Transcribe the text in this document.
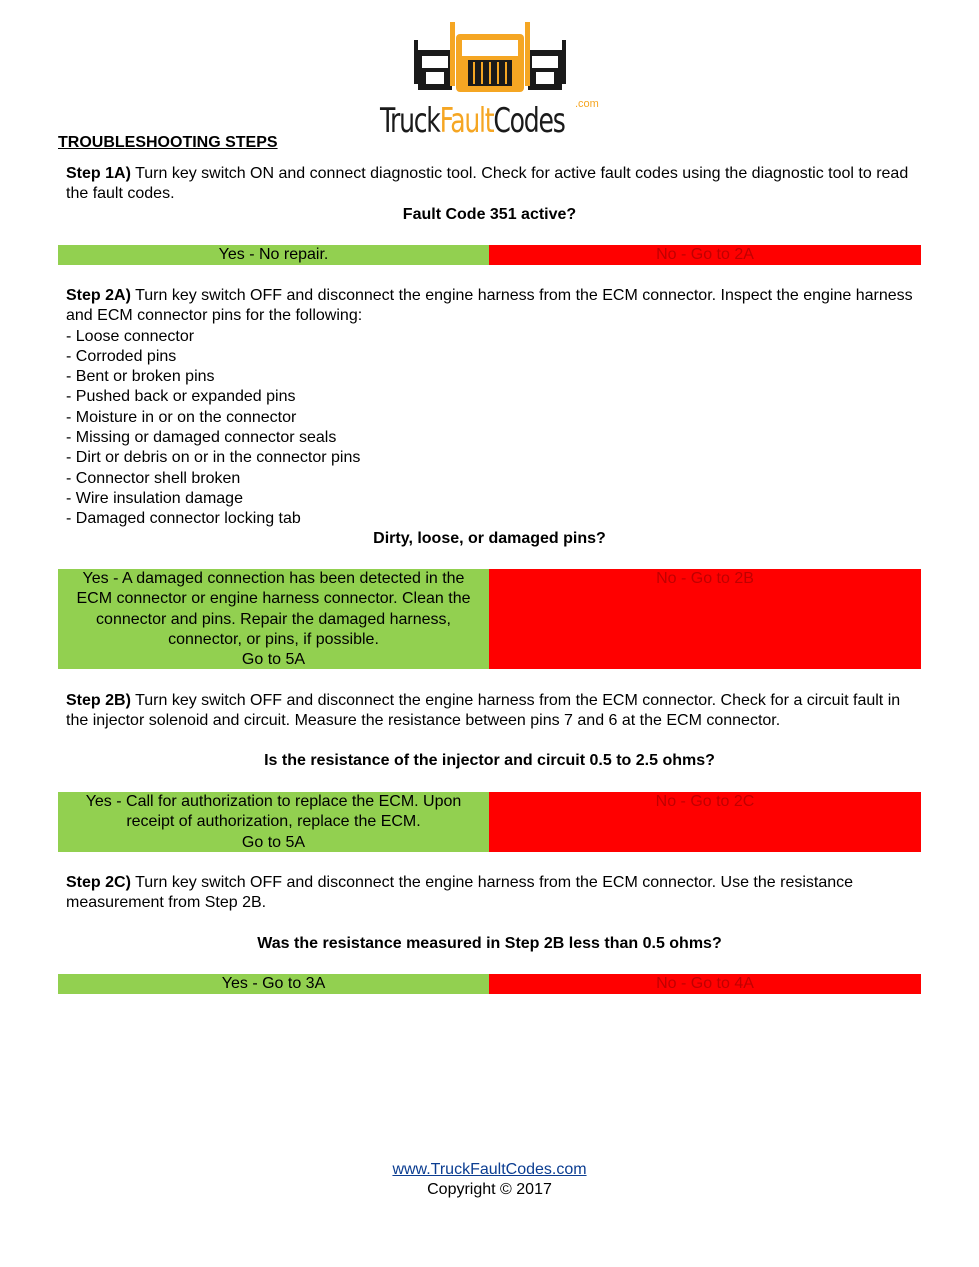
TruckFaultCodes .com
TROUBLESHOOTING STEPS
Step 1A) Turn key switch ON and connect diagnostic tool. Check for active fault codes using the diagnostic tool to read the fault codes.
Fault Code 351 active?
Yes - No repair.	No - Go to 2A
Step 2A) Turn key switch OFF and disconnect the engine harness from the ECM connector. Inspect the engine harness and ECM connector pins for the following:
- Loose connector
- Corroded pins
- Bent or broken pins
- Pushed back or expanded pins
- Moisture in or on the connector
- Missing or damaged connector seals
- Dirt or debris on or in the connector pins
- Connector shell broken
- Wire insulation damage
- Damaged connector locking tab
Dirty, loose, or damaged pins?
Yes - A damaged connection has been detected in the ECM connector or engine harness connector. Clean the connector and pins. Repair the damaged harness, connector, or pins, if possible.
Go to 5A
No - Go to 2B
Step 2B) Turn key switch OFF and disconnect the engine harness from the ECM connector. Check for a circuit fault in the injector solenoid and circuit. Measure the resistance between pins 7 and 6 at the ECM connector.
Is the resistance of the injector and circuit 0.5 to 2.5 ohms?
Yes - Call for authorization to replace the ECM. Upon receipt of authorization, replace the ECM.
Go to 5A
No - Go to 2C
Step 2C) Turn key switch OFF and disconnect the engine harness from the ECM connector. Use the resistance measurement from Step 2B.
Was the resistance measured in Step 2B less than 0.5 ohms?
Yes - Go to 3A	No - Go to 4A
www.TruckFaultCodes.com
Copyright © 2017
